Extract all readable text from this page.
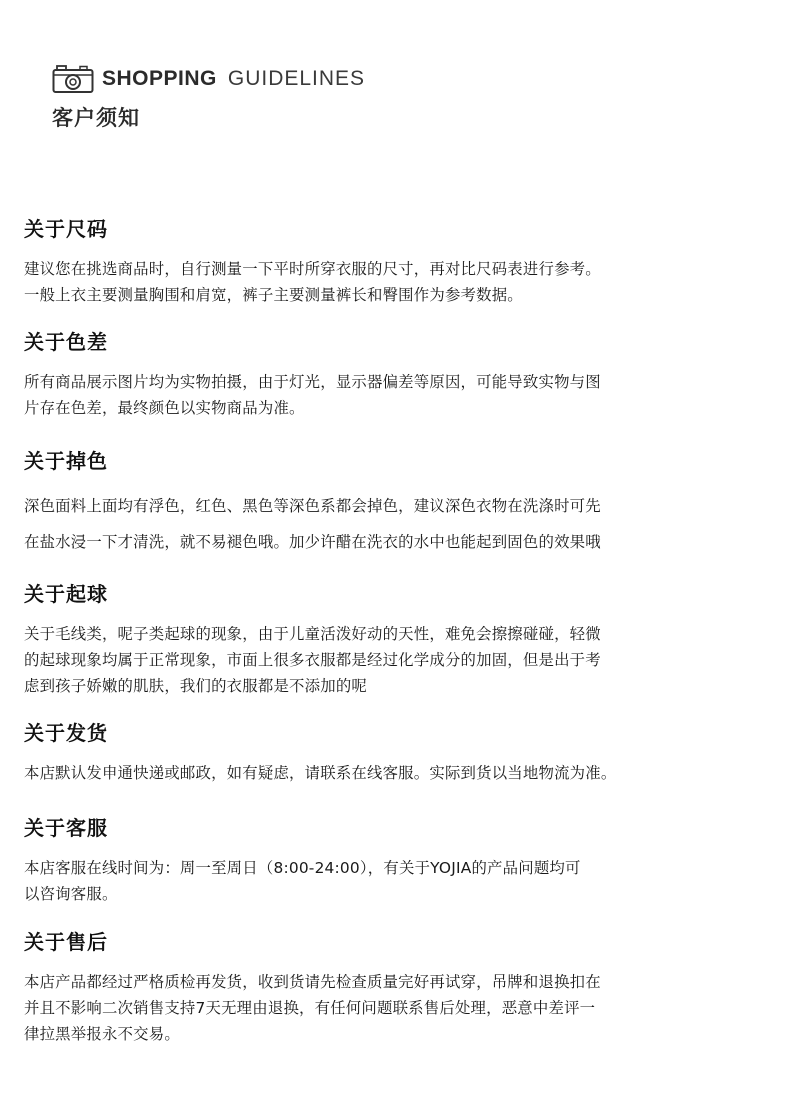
SHOPPING GUIDELINES
客户须知
关于尺码

建议您在挑选商品时，自行测量一下平时所穿衣服的尺寸，再对比尺码表进行参考。

一般上衣主要测量胸围和肩宽，裤子主要测量裤长和臀围作为参考数据。

关于色差

所有商品展示图片均为实物拍摄，由于灯光，显示器偏差等原因，可能导致实物与图

片存在色差，最终颜色以实物商品为准。

关于掉色

深色面料上面均有浮色，红色、黑色等深色系都会掉色，建议深色衣物在洗涤时可先

在盐水浸一下才清洗，就不易褪色哦。加少许醋在洗衣的水中也能起到固色的效果哦

关于起球

关于毛线类，呢子类起球的现象，由于儿童活泼好动的天性，难免会擦擦碰碰，轻微

的起球现象均属于正常现象，市面上很多衣服都是经过化学成分的加固，但是出于考

虑到孩子娇嫩的肌肤，我们的衣服都是不添加的呢

关于发货

本店默认发申通快递或邮政，如有疑虑，请联系在线客服。实际到货以当地物流为准。

关于客服

本店客服在线时间为：周一至周日（8:00-24:00），有关于YOJIA的产品问题均可

以咨询客服。

关于售后

本店产品都经过严格质检再发货，收到货请先检查质量完好再试穿，吊牌和退换扣在

并且不影响二次销售支持7天无理由退换，有任何问题联系售后处理，恶意中差评一

律拉黑举报永不交易。
